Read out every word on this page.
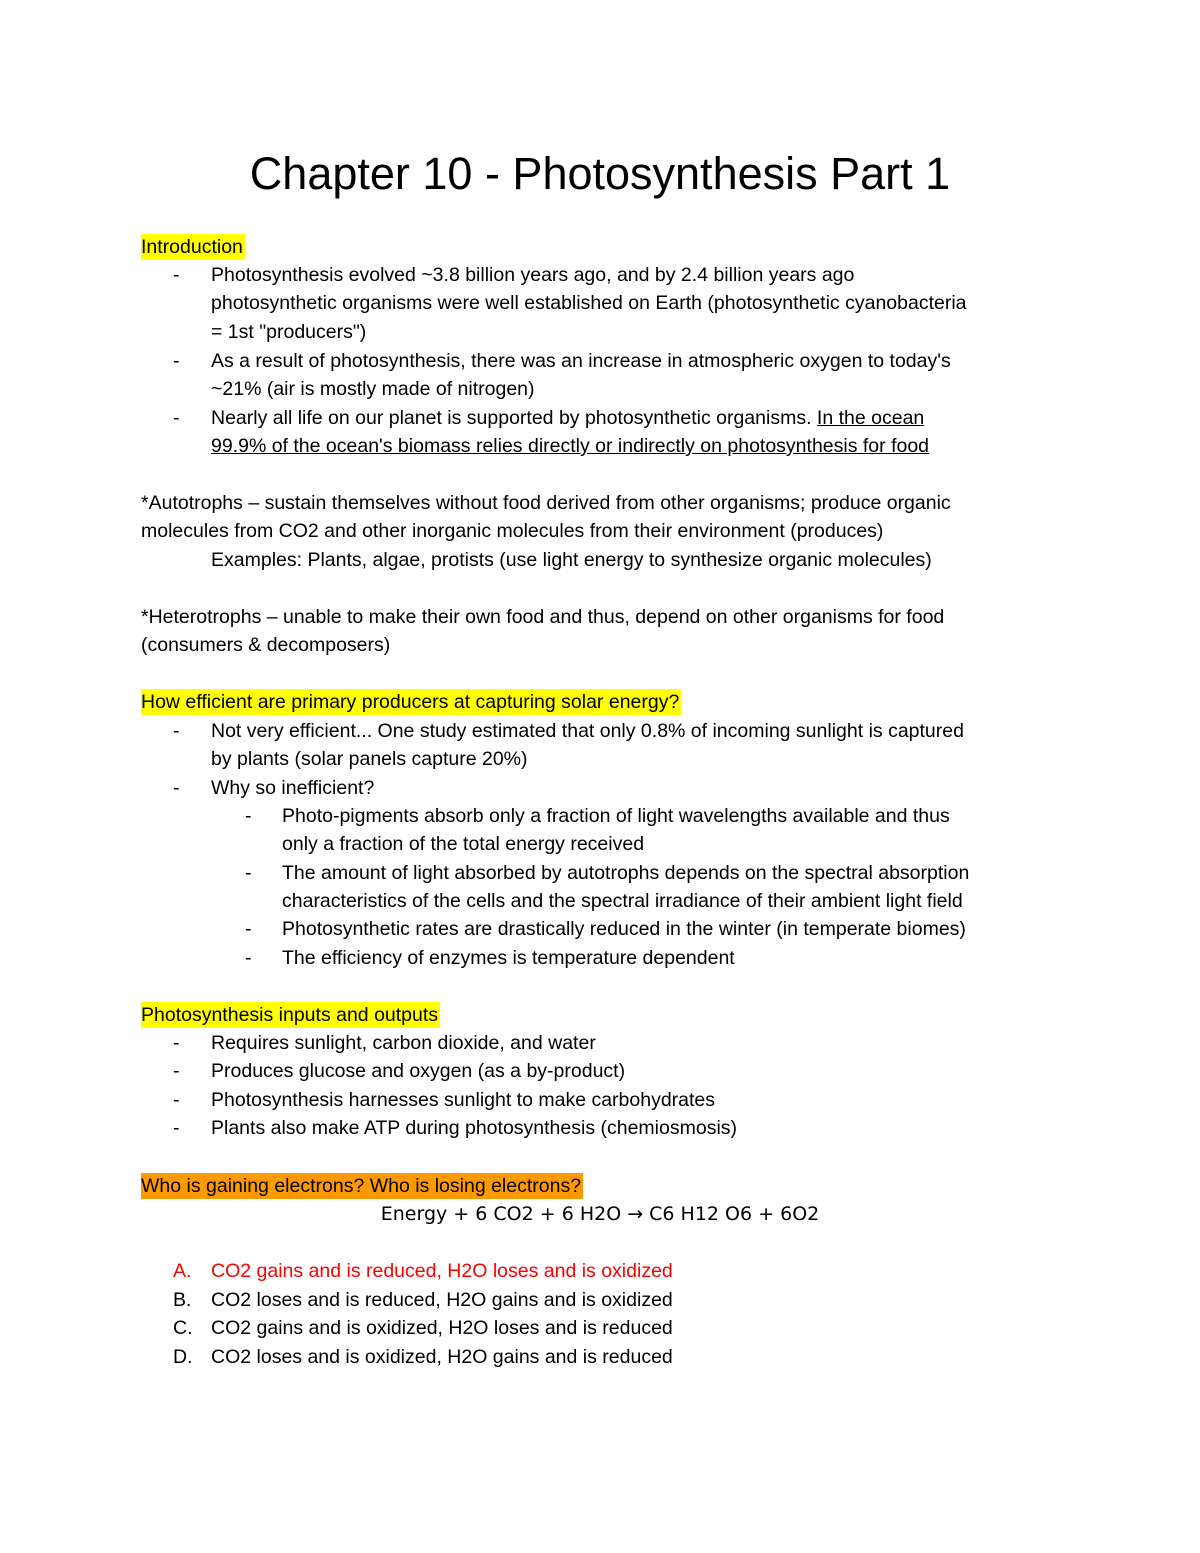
Chapter 10 - Photosynthesis Part 1
Introduction
- Photosynthesis evolved ~3.8 billion years ago, and by 2.4 billion years ago
photosynthetic organisms were well established on Earth (photosynthetic cyanobacteria
= 1st "producers")
- As a result of photosynthesis, there was an increase in atmospheric oxygen to today's
~21% (air is mostly made of nitrogen)
- Nearly all life on our planet is supported by photosynthetic organisms. In the ocean
99.9% of the ocean's biomass relies directly or indirectly on photosynthesis for food
*Autotrophs – sustain themselves without food derived from other organisms; produce organic
molecules from CO2 and other inorganic molecules from their environment (produces)
Examples: Plants, algae, protists (use light energy to synthesize organic molecules)
*Heterotrophs – unable to make their own food and thus, depend on other organisms for food
(consumers & decomposers)
How efficient are primary producers at capturing solar energy?
- Not very efficient... One study estimated that only 0.8% of incoming sunlight is captured
by plants (solar panels capture 20%)
- Why so inefficient?
- Photo-pigments absorb only a fraction of light wavelengths available and thus
only a fraction of the total energy received
- The amount of light absorbed by autotrophs depends on the spectral absorption
characteristics of the cells and the spectral irradiance of their ambient light field
- Photosynthetic rates are drastically reduced in the winter (in temperate biomes)
- The efficiency of enzymes is temperature dependent
Photosynthesis inputs and outputs
- Requires sunlight, carbon dioxide, and water
- Produces glucose and oxygen (as a by-product)
- Photosynthesis harnesses sunlight to make carbohydrates
- Plants also make ATP during photosynthesis (chemiosmosis)
Who is gaining electrons? Who is losing electrons?
Energy + 6 CO2 + 6 H2O → C6 H12 O6 + 6O2
A. CO2 gains and is reduced, H2O loses and is oxidized
B. CO2 loses and is reduced, H2O gains and is oxidized
C. CO2 gains and is oxidized, H2O loses and is reduced
D. CO2 loses and is oxidized, H2O gains and is reduced
